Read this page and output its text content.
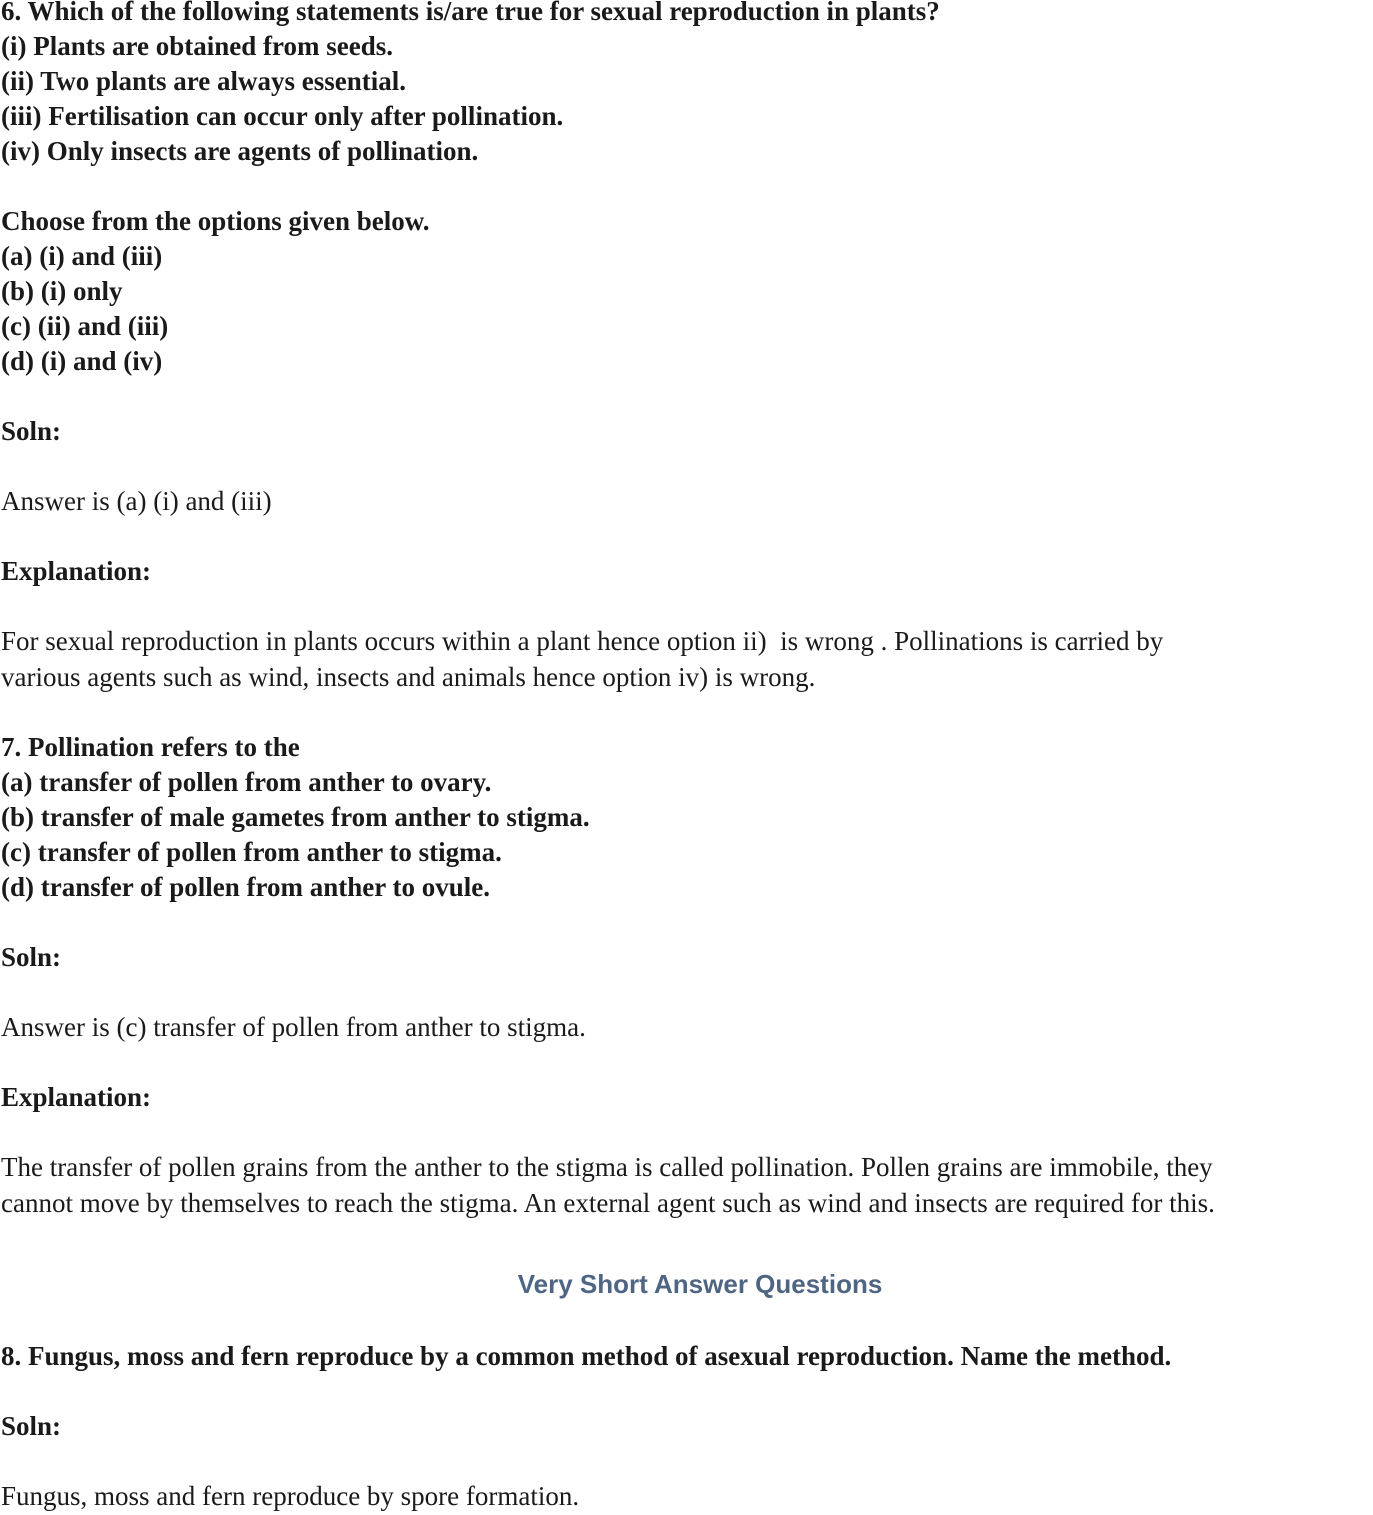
6. Which of the following statements is/are true for sexual reproduction in plants?
(i) Plants are obtained from seeds.
(ii) Two plants are always essential.
(iii) Fertilisation can occur only after pollination.
(iv) Only insects are agents of pollination.
Choose from the options given below.
(a) (i) and (iii)
(b) (i) only
(c) (ii) and (iii)
(d) (i) and (iv)
Soln:
Answer is (a) (i) and (iii)
Explanation:
For sexual reproduction in plants occurs within a plant hence option ii)  is wrong . Pollinations is carried by
various agents such as wind, insects and animals hence option iv) is wrong.
7. Pollination refers to the
(a) transfer of pollen from anther to ovary.
(b) transfer of male gametes from anther to stigma.
(c) transfer of pollen from anther to stigma.
(d) transfer of pollen from anther to ovule.
Soln:
Answer is (c) transfer of pollen from anther to stigma.
Explanation:
The transfer of pollen grains from the anther to the stigma is called pollination. Pollen grains are immobile, they
cannot move by themselves to reach the stigma. An external agent such as wind and insects are required for this.
Very Short Answer Questions
8. Fungus, moss and fern reproduce by a common method of asexual reproduction. Name the method.
Soln:
Fungus, moss and fern reproduce by spore formation.
